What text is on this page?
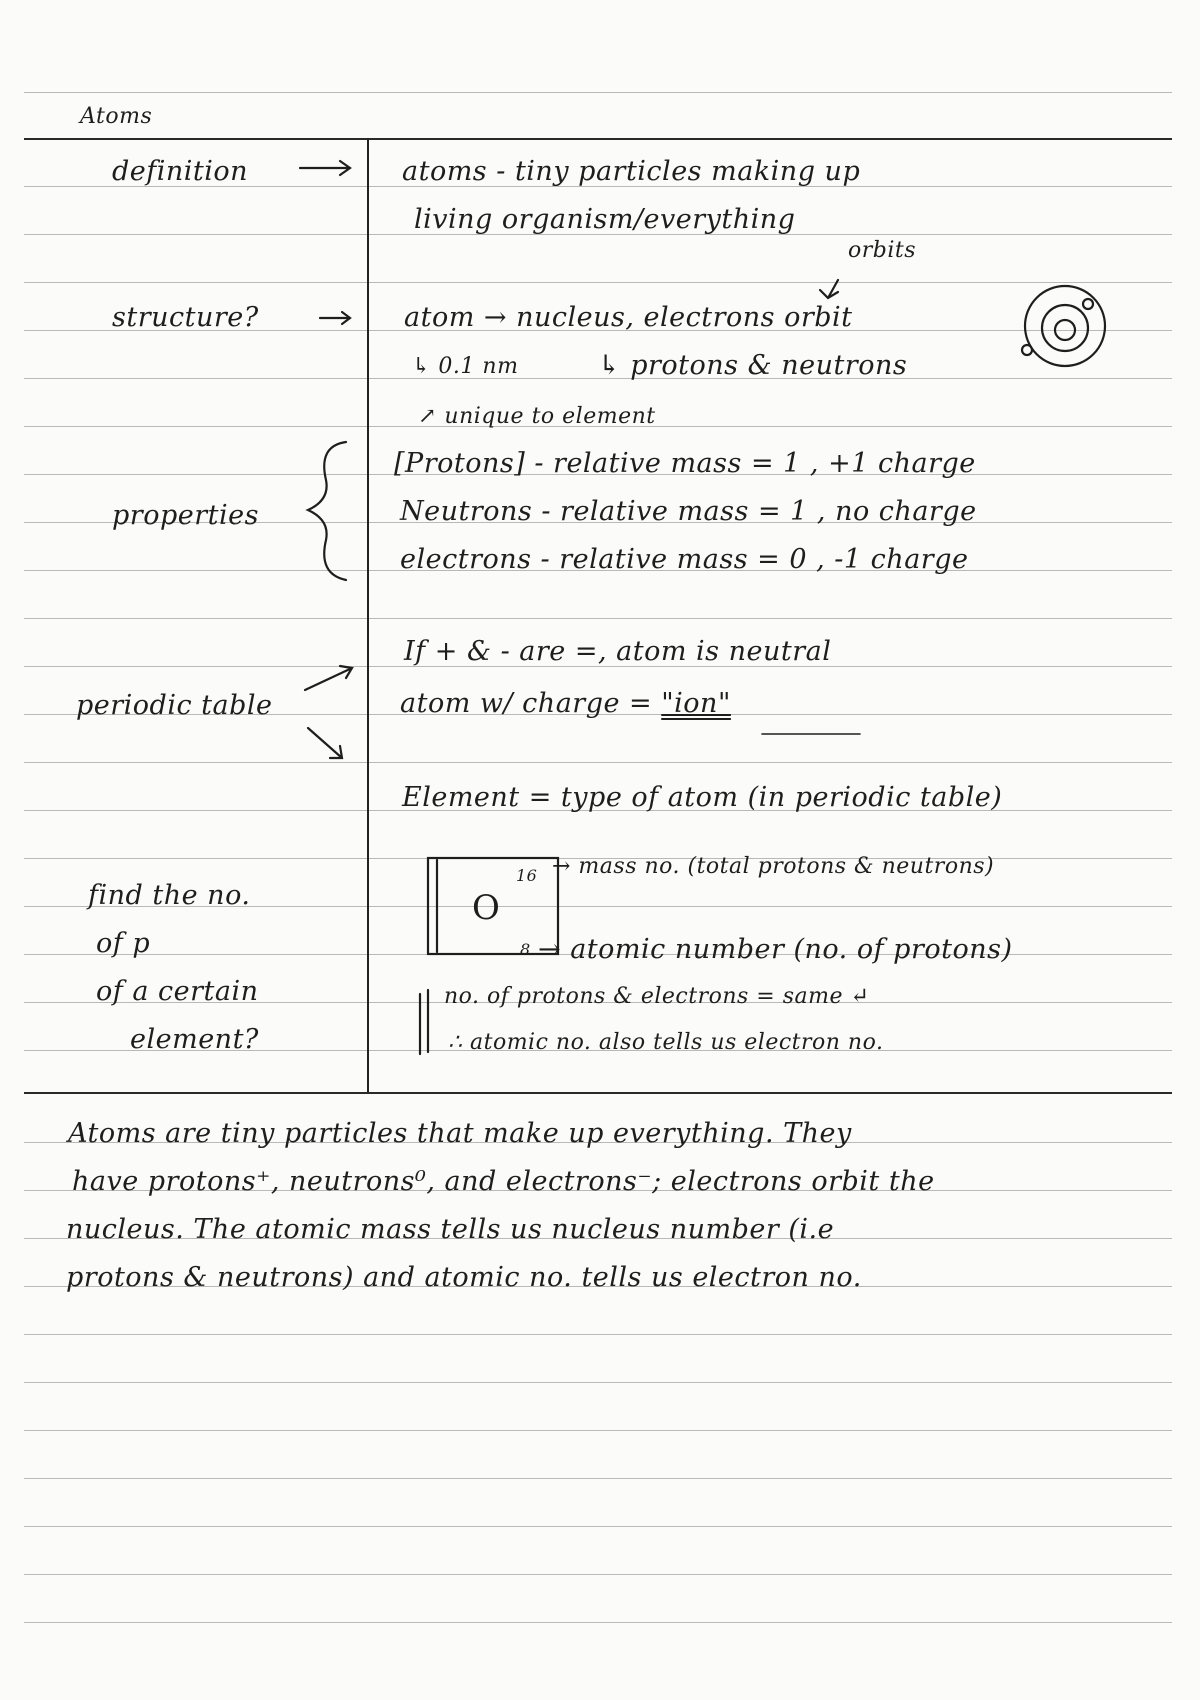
Atoms
definition	atoms - tiny particles making up
living organism/everything
orbits
structure?	atom → nucleus, electrons orbit
↳ 0.1 nm	↳ protons & neutrons
↗ unique to element
properties
[Protons] - relative mass = 1 , +1 charge
Neutrons - relative mass = 1 , no charge
electrons - relative mass = 0 , -1 charge
If + & - are =, atom is neutral
periodic table	atom w/ charge = "ion"
Element = type of atom (in periodic table)
find the no.
of p
of a certain
element?
16
O
8
→ mass no. (total protons & neutrons)
→ atomic number (no. of protons)
no. of protons & electrons = same ↵
∴ atomic no. also tells us electron no.
Atoms are tiny particles that make up everything. They
have protons⁺, neutrons⁰, and electrons⁻; electrons orbit the
nucleus. The atomic mass tells us nucleus number (i.e
protons & neutrons) and atomic no. tells us electron no.
